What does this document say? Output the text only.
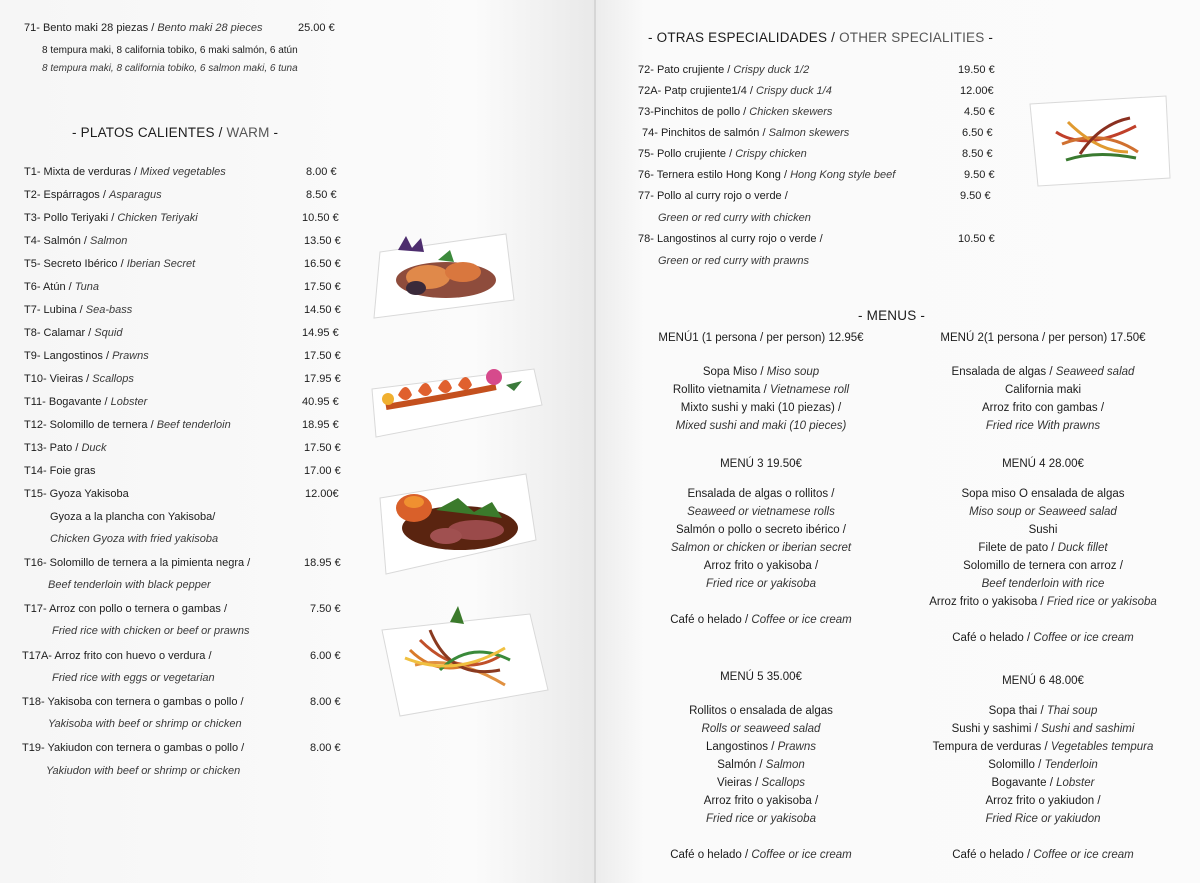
71- Bento maki 28 piezas / Bento maki 28 pieces	25.00 €
8 tempura maki, 8 california tobiko, 6 maki salmón, 6 atún
8 tempura maki, 8 california tobiko, 6 salmon maki, 6 tuna
- PLATOS CALIENTES / WARM -
T1- Mixta de verduras / Mixed vegetables	8.00 €
T2- Espárragos / Asparagus	8.50 €
T3- Pollo Teriyaki / Chicken Teriyaki	10.50 €
T4- Salmón / Salmon	13.50 €
T5- Secreto Ibérico / Iberian Secret	16.50 €
T6- Atún / Tuna	17.50 €
T7- Lubina / Sea-bass	14.50 €
T8- Calamar / Squid	14.95 €
T9- Langostinos / Prawns	17.50 €
T10- Vieiras / Scallops	17.95 €
T11- Bogavante / Lobster	40.95 €
T12- Solomillo de ternera / Beef tenderloin	18.95 €
T13- Pato / Duck	17.50 €
T14- Foie gras	17.00 €
T15- Gyoza Yakisoba	12.00€
Gyoza a la plancha con Yakisoba/
Chicken Gyoza with fried yakisoba
T16- Solomillo de ternera a la pimienta negra /	18.95 €
Beef tenderloin with black pepper
T17- Arroz con pollo o ternera o gambas /	7.50 €
Fried rice with chicken or beef or prawns
T17A- Arroz frito con huevo o verdura /	6.00 €
Fried rice with eggs or vegetarian
T18- Yakisoba con ternera o gambas o pollo /	8.00 €
Yakisoba with beef or shrimp or chicken
T19- Yakiudon con ternera o gambas o pollo /	8.00 €
Yakiudon with beef or shrimp or chicken
- OTRAS ESPECIALIDADES / OTHER SPECIALITIES -
72- Pato crujiente / Crispy duck 1/2	19.50 €
72A- Patp crujiente1/4 / Crispy duck 1/4	12.00€
73-Pinchitos de pollo / Chicken skewers	4.50 €
74- Pinchitos de salmón / Salmon skewers	6.50 €
75- Pollo crujiente / Crispy chicken	8.50 €
76- Ternera estilo Hong Kong / Hong Kong style beef	9.50 €
77- Pollo al curry rojo o verde /	9.50 €
Green or red curry with chicken
78- Langostinos al curry rojo o verde /	10.50 €
Green or red curry with prawns
- MENUS -
MENÚ1 (1 persona / per person) 12.95€
Sopa Miso / Miso soup
Rollito vietnamita / Vietnamese roll
Mixto sushi y maki (10 piezas) /
Mixed sushi and maki (10 pieces)
MENÚ 2(1 persona / per person) 17.50€
Ensalada de algas / Seaweed salad
California maki
Arroz frito con gambas /
Fried rice With prawns
MENÚ 3 19.50€
Ensalada de algas o rollitos /
Seaweed or vietnamese rolls
Salmón o pollo o secreto ibérico /
Salmon or chicken or iberian secret
Arroz frito o yakisoba /
Fried rice or yakisoba
Café o helado / Coffee or ice cream
MENÚ 4 28.00€
Sopa miso O ensalada de algas
Miso soup or Seaweed salad
Sushi
Filete de pato / Duck fillet
Solomillo de ternera con arroz /
Beef tenderloin with rice
Arroz frito o yakisoba / Fried rice or yakisoba
Café o helado / Coffee or ice cream
MENÚ 5 35.00€
Rollitos o ensalada de algas
Rolls or seaweed salad
Langostinos / Prawns
Salmón / Salmon
Vieiras / Scallops
Arroz frito o yakisoba /
Fried rice or yakisoba
Café o helado / Coffee or ice cream
MENÚ 6 48.00€
Sopa thai / Thai soup
Sushi y sashimi / Sushi and sashimi
Tempura de verduras / Vegetables tempura
Solomillo / Tenderloin
Bogavante / Lobster
Arroz frito o yakiudon /
Fried Rice or yakiudon
Café o helado / Coffee or ice cream
